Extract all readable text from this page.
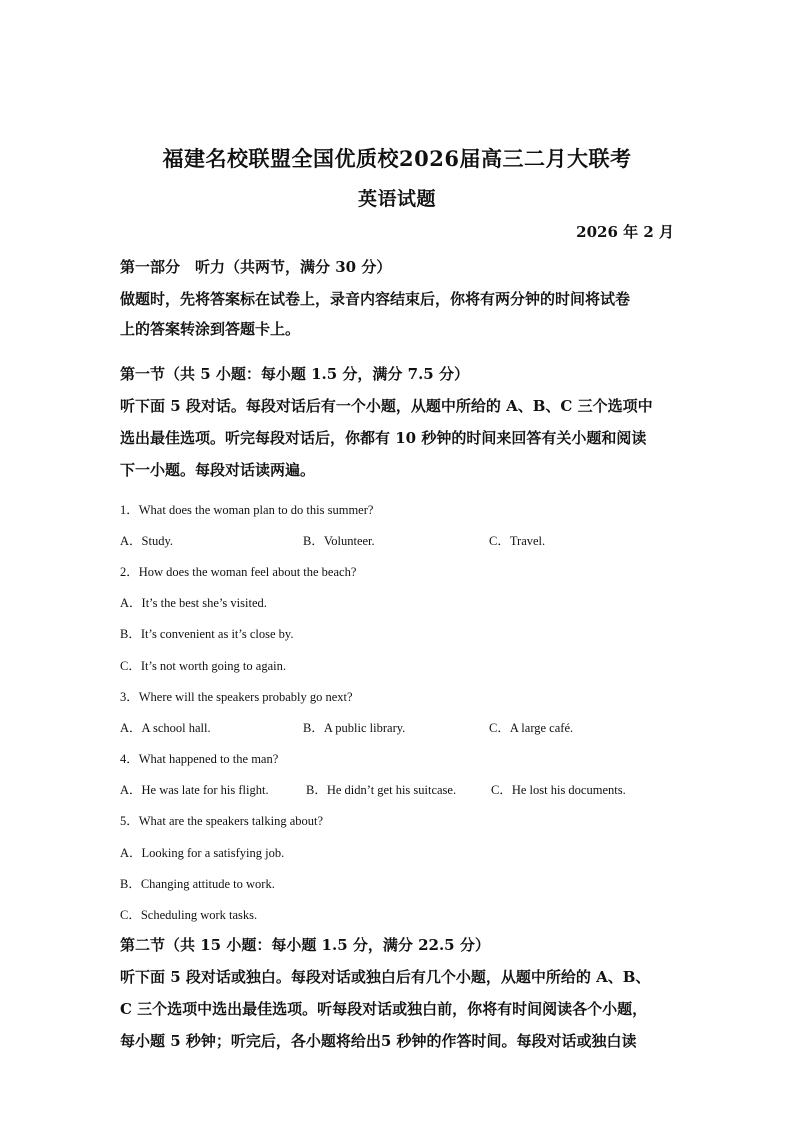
福建名校联盟全国优质校2026届高三二月大联考
英语试题
2026 年 2 月
第一部分　听力（共两节，满分 30 分）
做题时，先将答案标在试卷上，录音内容结束后，你将有两分钟的时间将试卷
上的答案转涂到答题卡上。
第一节（共 5 小题：每小题 1.5 分，满分 7.5 分）
听下面 5 段对话。每段对话后有一个小题，从题中所给的 A、B、C 三个选项中
选出最佳选项。听完每段对话后，你都有 10 秒钟的时间来回答有关小题和阅读
下一小题。每段对话读两遍。
1．What does the woman plan to do this summer?
A．Study.	B．Volunteer.	C．Travel.
2．How does the woman feel about the beach?
A．It’s the best she’s visited.
B．It’s convenient as it’s close by.
C．It’s not worth going to again.
3．Where will the speakers probably go next?
A．A school hall.	B．A public library.	C．A large café.
4．What happened to the man?
A．He was late for his flight.	B．He didn’t get his suitcase.	C．He lost his documents.
5．What are the speakers talking about?
A．Looking for a satisfying job.
B．Changing attitude to work.
C．Scheduling work tasks.
第二节（共 15 小题：每小题 1.5 分，满分 22.5 分）
听下面 5 段对话或独白。每段对话或独白后有几个小题，从题中所给的 A、B、
C 三个选项中选出最佳选项。听每段对话或独白前，你将有时间阅读各个小题，
每小题 5 秒钟；听完后，各小题将给出5 秒钟的作答时间。每段对话或独白读
